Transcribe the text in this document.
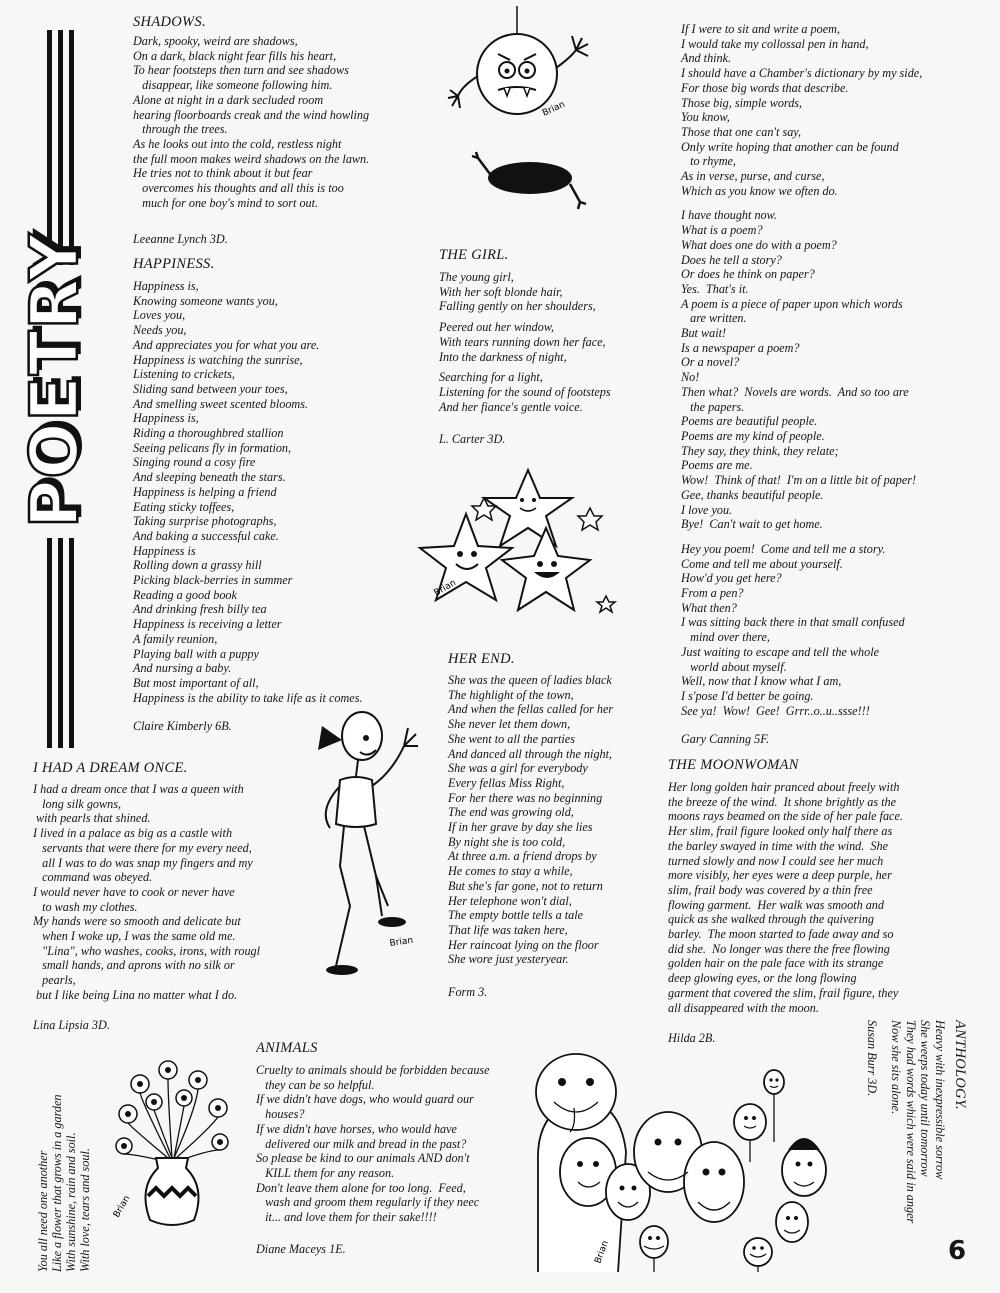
POETRY
SHADOWS.
Dark, spooky, weird are shadows,
On a dark, black night fear fills his heart,
To hear footsteps then turn and see shadows
disappear, like someone following him.
Alone at night in a dark secluded room
hearing floorboards creak and the wind howling
through the trees.
As he looks out into the cold, restless night
the full moon makes weird shadows on the lawn.
He tries not to think about it but fear
overcomes his thoughts and all this is too
much for one boy's mind to sort out.
Leeanne Lynch 3D.
HAPPINESS.
Happiness is,
Knowing someone wants you,
Loves you,
Needs you,
And appreciates you for what you are.
Happiness is watching the sunrise,
Listening to crickets,
Sliding sand between your toes,
And smelling sweet scented blooms.
Happiness is,
Riding a thoroughbred stallion
Seeing pelicans fly in formation,
Singing round a cosy fire
And sleeping beneath the stars.
Happiness is helping a friend
Eating sticky toffees,
Taking surprise photographs,
And baking a successful cake.
Happiness is
Rolling down a grassy hill
Picking black-berries in summer
Reading a good book
And drinking fresh billy tea
Happiness is receiving a letter
A family reunion,
Playing ball with a puppy
And nursing a baby.
But most important of all,
Happiness is the ability to take life as it comes.
Claire Kimberly 6B.
Brian
THE GIRL.
The young girl,
With her soft blonde hair,
Falling gently on her shoulders,
Peered out her window,
With tears running down her face,
Into the darkness of night,
Searching for a light,
Listening for the sound of footsteps
And her fiance's gentle voice.
L. Carter 3D.
Brian
Brian
I HAD A DREAM ONCE.
I had a dream once that I was a queen with
long silk gowns,
with pearls that shined.
I lived in a palace as big as a castle with
servants that were there for my every need,
all I was to do was snap my fingers and my
command was obeyed.
I would never have to cook or never have
to wash my clothes.
My hands were so smooth and delicate but
when I woke up, I was the same old me.
"Lina", who washes, cooks, irons, with rougl
small hands, and aprons with no silk or
pearls,
but I like being Lina no matter what I do.
Lina Lipsia 3D.
HER END.
She was the queen of ladies black
The highlight of the town,
And when the fellas called for her
She never let them down,
She went to all the parties
And danced all through the night,
She was a girl for everybody
Every fellas Miss Right,
For her there was no beginning
The end was growing old,
If in her grave by day she lies
By night she is too cold,
At three a.m. a friend drops by
He comes to stay a while,
But she's far gone, not to return
Her telephone won't dial,
The empty bottle tells a tale
That life was taken here,
Her raincoat lying on the floor
She wore just yesteryear.
Form 3.
If I were to sit and write a poem,
I would take my collossal pen in hand,
And think.
I should have a Chamber's dictionary by my side,
For those big words that describe.
Those big, simple words,
You know,
Those that one can't say,
Only write hoping that another can be found
to rhyme,
As in verse, purse, and curse,
Which as you know we often do.
I have thought now.
What is a poem?
What does one do with a poem?
Does he tell a story?
Or does he think on paper?
Yes.  That's it.
A poem is a piece of paper upon which words
are written.
But wait!
Is a newspaper a poem?
Or a novel?
No!
Then what?  Novels are words.  And so too are
the papers.
Poems are beautiful people.
Poems are my kind of people.
They say, they think, they relate;
Poems are me.
Wow!  Think of that!  I'm on a little bit of paper!
Gee, thanks beautiful people.
I love you.
Bye!  Can't wait to get home.
Hey you poem!  Come and tell me a story.
Come and tell me about yourself.
How'd you get here?
From a pen?
What then?
I was sitting back there in that small confused
mind over there,
Just waiting to escape and tell the whole
world about myself.
Well, now that I know what I am,
I s'pose I'd better be going.
See ya!  Wow!  Gee!  Grrr..o..u..ssse!!!
Gary Canning 5F.
THE MOONWOMAN
Her long golden hair pranced about freely with
the breeze of the wind.  It shone brightly as the
moons rays beamed on the side of her pale face.
Her slim, frail figure looked only half there as
the barley swayed in time with the wind.  She
turned slowly and now I could see her much
more visibly, her eyes were a deep purple, her
slim, frail body was covered by a thin free
flowing garment.  Her walk was smooth and
quick as she walked through the quivering
barley.  The moon started to fade away and so
did she.  No longer was there the free flowing
golden hair on the pale face with its strange
deep glowing eyes, or the long flowing
garment that covered the slim, frail figure, they
all disappeared with the moon.
Hilda 2B.
You all need one another
Like a flower that grows in a garden
With sunshine, rain and soil.
With love, tears and soul.
Brian
ANIMALS
Cruelty to animals should be forbidden because
they can be so helpful.
If we didn't have dogs, who would guard our
houses?
If we didn't have horses, who would have
delivered our milk and bread in the past?
So please be kind to our animals AND don't
KILL them for any reason.
Don't leave them alone for too long.  Feed,
wash and groom them regularly if they neec
it... and love them for their sake!!!!
Diane Maceys 1E.	Brian
ANTHOLOGY.
Heavy with inexpressible sorrow
She weeps today until tomorrow
They had words which were said in anger
Now she sits alone.
Susan Burr 3D.
6
